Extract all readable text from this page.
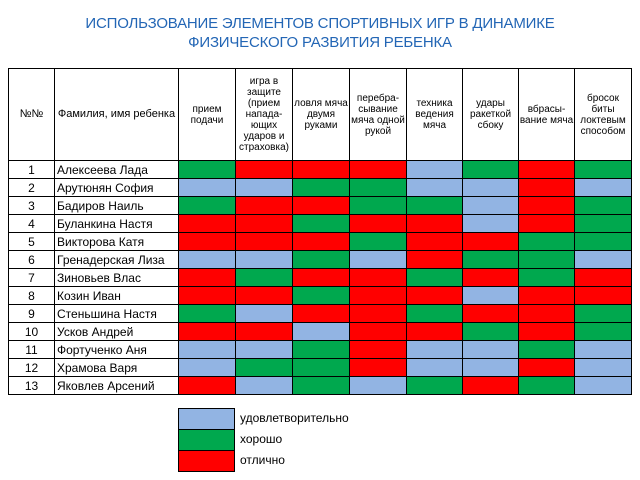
ИСПОЛЬЗОВАНИЕ ЭЛЕМЕНТОВ СПОРТИВНЫХ ИГР В ДИНАМИКЕ
ФИЗИЧЕСКОГО РАЗВИТИЯ РЕБЕНКА
№№	Фамилия, имя ребенка	прием подачи	игра в защите (прием напада-ющих ударов и страховка)	ловля мяча двумя руками	перебра-сывание мяча одной рукой	техника ведения мяча	удары ракеткой сбоку	вбрасы-вание мяча	бросок биты локтевым способом
1	Алексеева Лада								
2	Арутюнян София								
3	Бадиров Наиль								
4	Буланкина Настя								
5	Викторова Катя								
6	Гренадерская Лиза								
7	Зиновьев Влас								
8	Козин Иван								
9	Стеньшина Настя								
10	Усков Андрей								
11	Фортученко Аня								
12	Храмова Варя								
13	Яковлев Арсений								
удовлетворительно
хорошо
отлично
